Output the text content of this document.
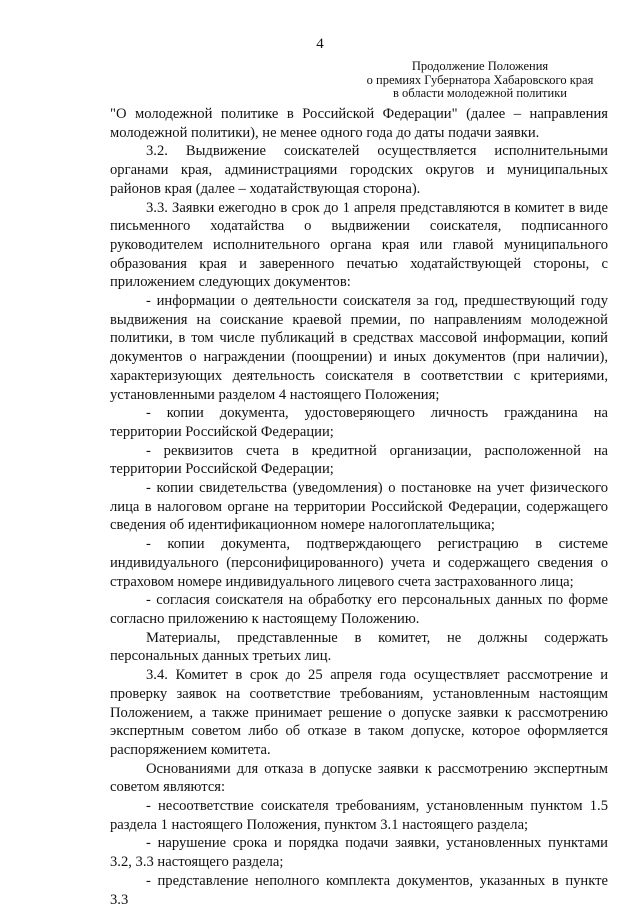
4
Продолжение Положения
о премиях Губернатора Хабаровского края
в области молодежной политики

"О молодежной политике в Российской Федерации" (далее – направления молодежной политики), не менее одного года до даты подачи заявки.

3.2. Выдвижение соискателей осуществляется исполнительными органами края, администрациями городских округов и муниципальных районов края (далее – ходатайствующая сторона).

3.3. Заявки ежегодно в срок до 1 апреля представляются в комитет в виде письменного ходатайства о выдвижении соискателя, подписанного руководителем исполнительного органа края или главой муниципального образования края и заверенного печатью ходатайствующей стороны, с приложением следующих документов:

- информации о деятельности соискателя за год, предшествующий году выдвижения на соискание краевой премии, по направлениям молодежной политики, в том числе публикаций в средствах массовой информации, копий документов о награждении (поощрении) и иных документов (при наличии), характеризующих деятельность соискателя в соответствии с критериями, установленными разделом 4 настоящего Положения;

- копии документа, удостоверяющего личность гражданина на территории Российской Федерации;

- реквизитов счета в кредитной организации, расположенной на территории Российской Федерации;

- копии свидетельства (уведомления) о постановке на учет физического лица в налоговом органе на территории Российской Федерации, содержащего сведения об идентификационном номере налогоплательщика;

- копии документа, подтверждающего регистрацию в системе индивидуального (персонифицированного) учета и содержащего сведения о страховом номере индивидуального лицевого счета застрахованного лица;

- согласия соискателя на обработку его персональных данных по форме согласно приложению к настоящему Положению.

Материалы, представленные в комитет, не должны содержать персональных данных третьих лиц.

3.4. Комитет в срок до 25 апреля года осуществляет рассмотрение и проверку заявок на соответствие требованиям, установленным настоящим Положением, а также принимает решение о допуске заявки к рассмотрению экспертным советом либо об отказе в таком допуске, которое оформляется распоряжением комитета.

Основаниями для отказа в допуске заявки к рассмотрению экспертным советом являются:

- несоответствие соискателя требованиям, установленным пунктом 1.5 раздела 1 настоящего Положения, пунктом 3.1 настоящего раздела;

- нарушение срока и порядка подачи заявки, установленных пунктами 3.2, 3.3 настоящего раздела;

- представление неполного комплекта документов, указанных в пункте 3.3
